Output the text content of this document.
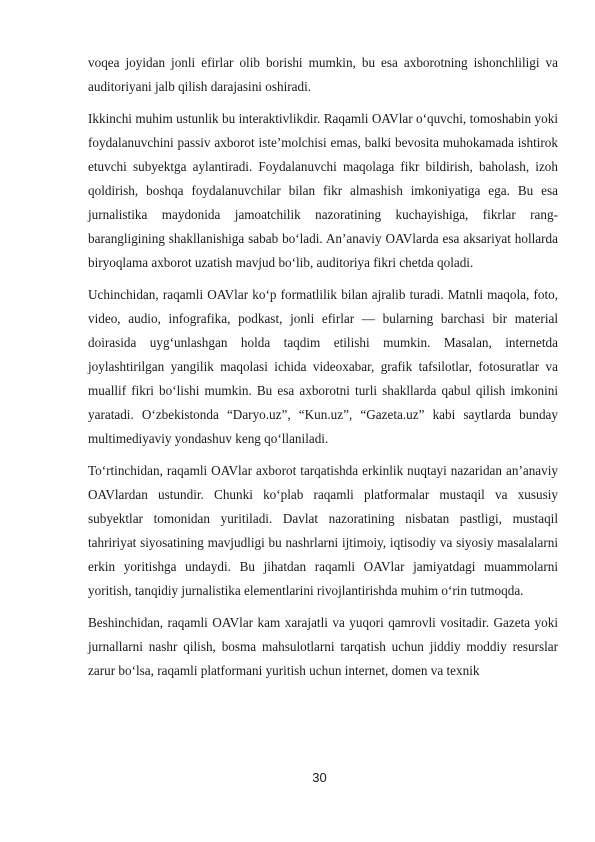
voqea joyidan jonli efirlar olib borishi mumkin, bu esa axborotning ishonchliligi va auditoriyani jalb qilish darajasini oshiradi.

Ikkinchi muhim ustunlik bu interaktivlikdir. Raqamli OAVlar o‘quvchi, tomoshabin yoki foydalanuvchini passiv axborot iste’molchisi emas, balki bevosita muhokamada ishtirok etuvchi subyektga aylantiradi. Foydalanuvchi maqolaga fikr bildirish, baholash, izoh qoldirish, boshqa foydalanuvchilar bilan fikr almashish imkoniyatiga ega. Bu esa jurnalistika maydonida jamoatchilik nazoratining kuchayishiga, fikrlar rang-barangligining shakllanishiga sabab bo‘ladi. An’anaviy OAVlarda esa aksariyat hollarda biryoqlama axborot uzatish mavjud bo‘lib, auditoriya fikri chetda qoladi.

Uchinchidan, raqamli OAVlar ko‘p formatlilik bilan ajralib turadi. Matnli maqola, foto, video, audio, infografika, podkast, jonli efirlar — bularning barchasi bir material doirasida uyg‘unlashgan holda taqdim etilishi mumkin. Masalan, internetda joylashtirilgan yangilik maqolasi ichida videoxabar, grafik tafsilotlar, fotosuratlar va muallif fikri bo‘lishi mumkin. Bu esa axborotni turli shakllarda qabul qilish imkonini yaratadi. O‘zbekistonda “Daryo.uz”, “Kun.uz”, “Gazeta.uz” kabi saytlarda bunday multimediyaviy yondashuv keng qo‘llaniladi.

To‘rtinchidan, raqamli OAVlar axborot tarqatishda erkinlik nuqtayi nazaridan an’anaviy OAVlardan ustundir. Chunki ko‘plab raqamli platformalar mustaqil va xususiy subyektlar tomonidan yuritiladi. Davlat nazoratining nisbatan pastligi, mustaqil tahririyat siyosatining mavjudligi bu nashrlarni ijtimoiy, iqtisodiy va siyosiy masalalarni erkin yoritishga undaydi. Bu jihatdan raqamli OAVlar jamiyatdagi muammolarni yoritish, tanqidiy jurnalistika elementlarini rivojlantirishda muhim o‘rin tutmoqda.

Beshinchidan, raqamli OAVlar kam xarajatli va yuqori qamrovli vositadir. Gazeta yoki jurnallarni nashr qilish, bosma mahsulotlarni tarqatish uchun jiddiy moddiy resurslar zarur bo‘lsa, raqamli platformani yuritish uchun internet, domen va texnik

30
